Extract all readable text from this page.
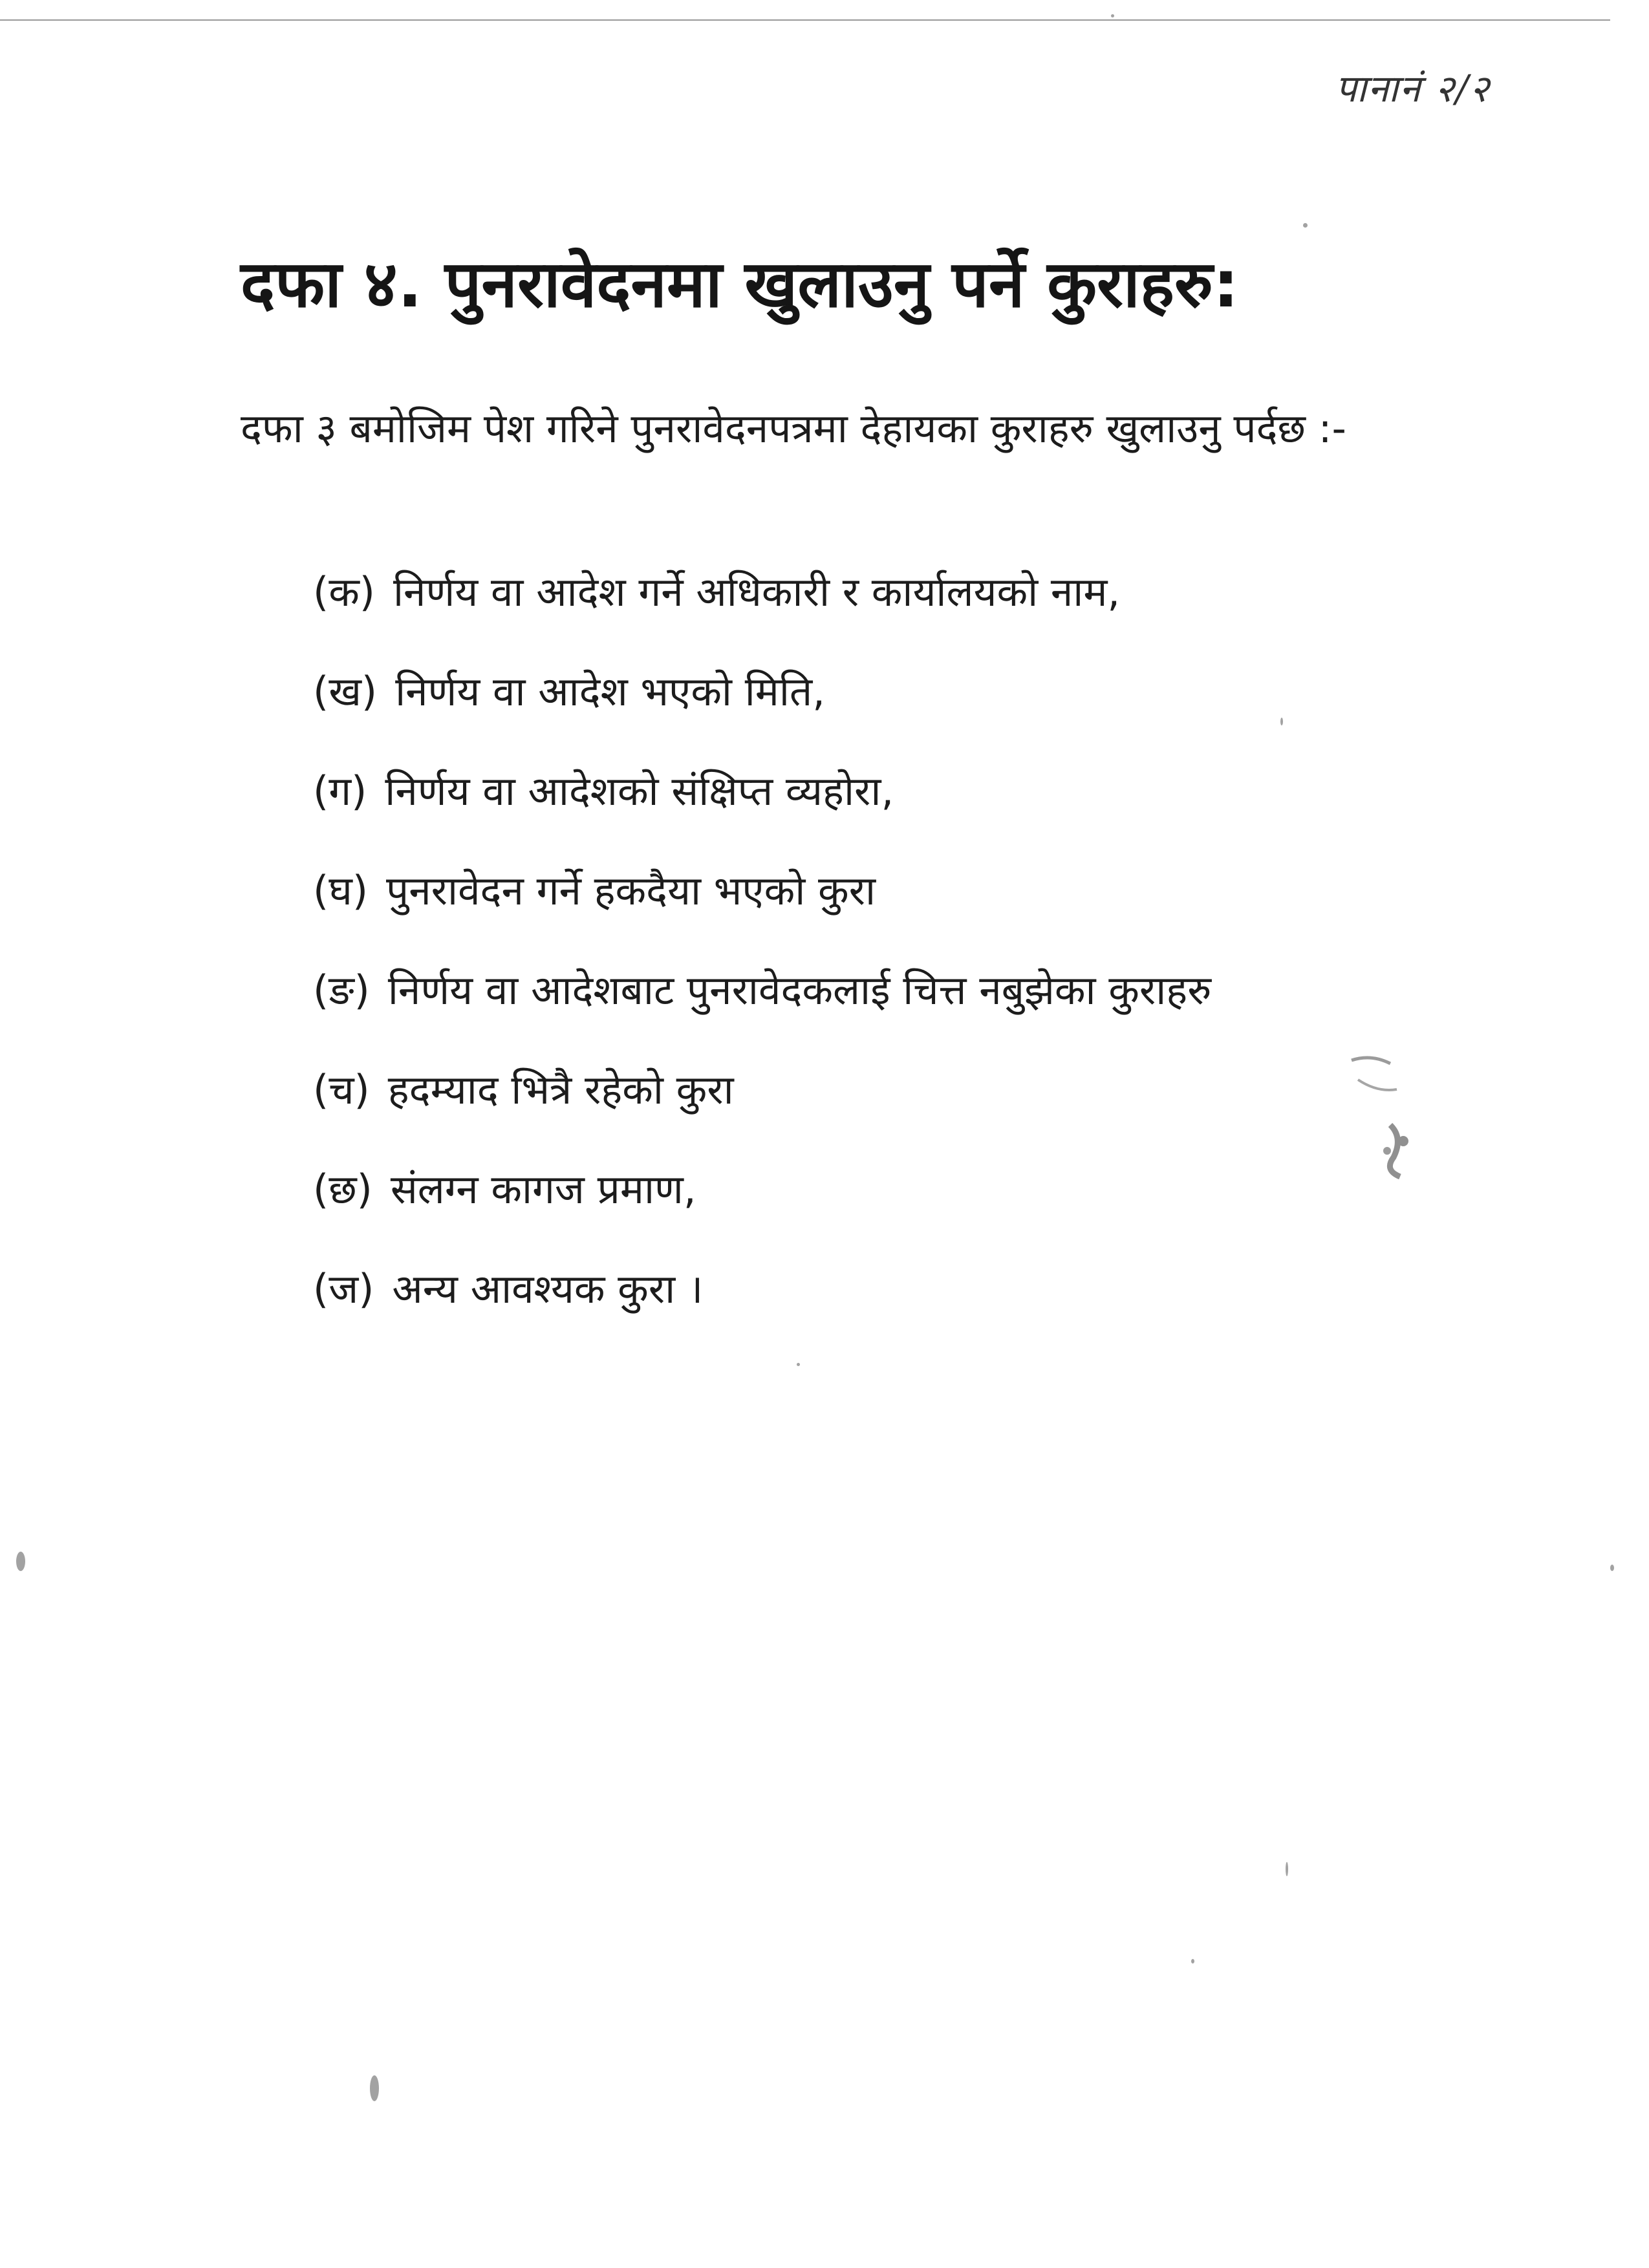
पानानं २/२
दफा ४. पुनरावेदनमा खुलाउनु पर्ने कुराहरु:

दफा ३ बमोजिम पेश गरिने पुनरावेदनपत्रमा देहायका कुराहरु खुलाउनु पर्दछ :-

(क) निर्णय वा आदेश गर्ने अधिकारी र कार्यालयको नाम,
(ख) निर्णय वा आदेश भएको मिति,
(ग) निर्णय वा आदेशको संक्षिप्त व्यहोरा,
(घ) पुनरावेदन गर्ने हकदैया भएको कुरा
(ङ) निर्णय वा आदेशबाट पुनरावेदकलाई चित्त नबुझेका कुराहरु
(च) हदम्याद भित्रै रहेको कुरा
(छ) संलग्न कागज प्रमाण,
(ज) अन्य आवश्यक कुरा ।
